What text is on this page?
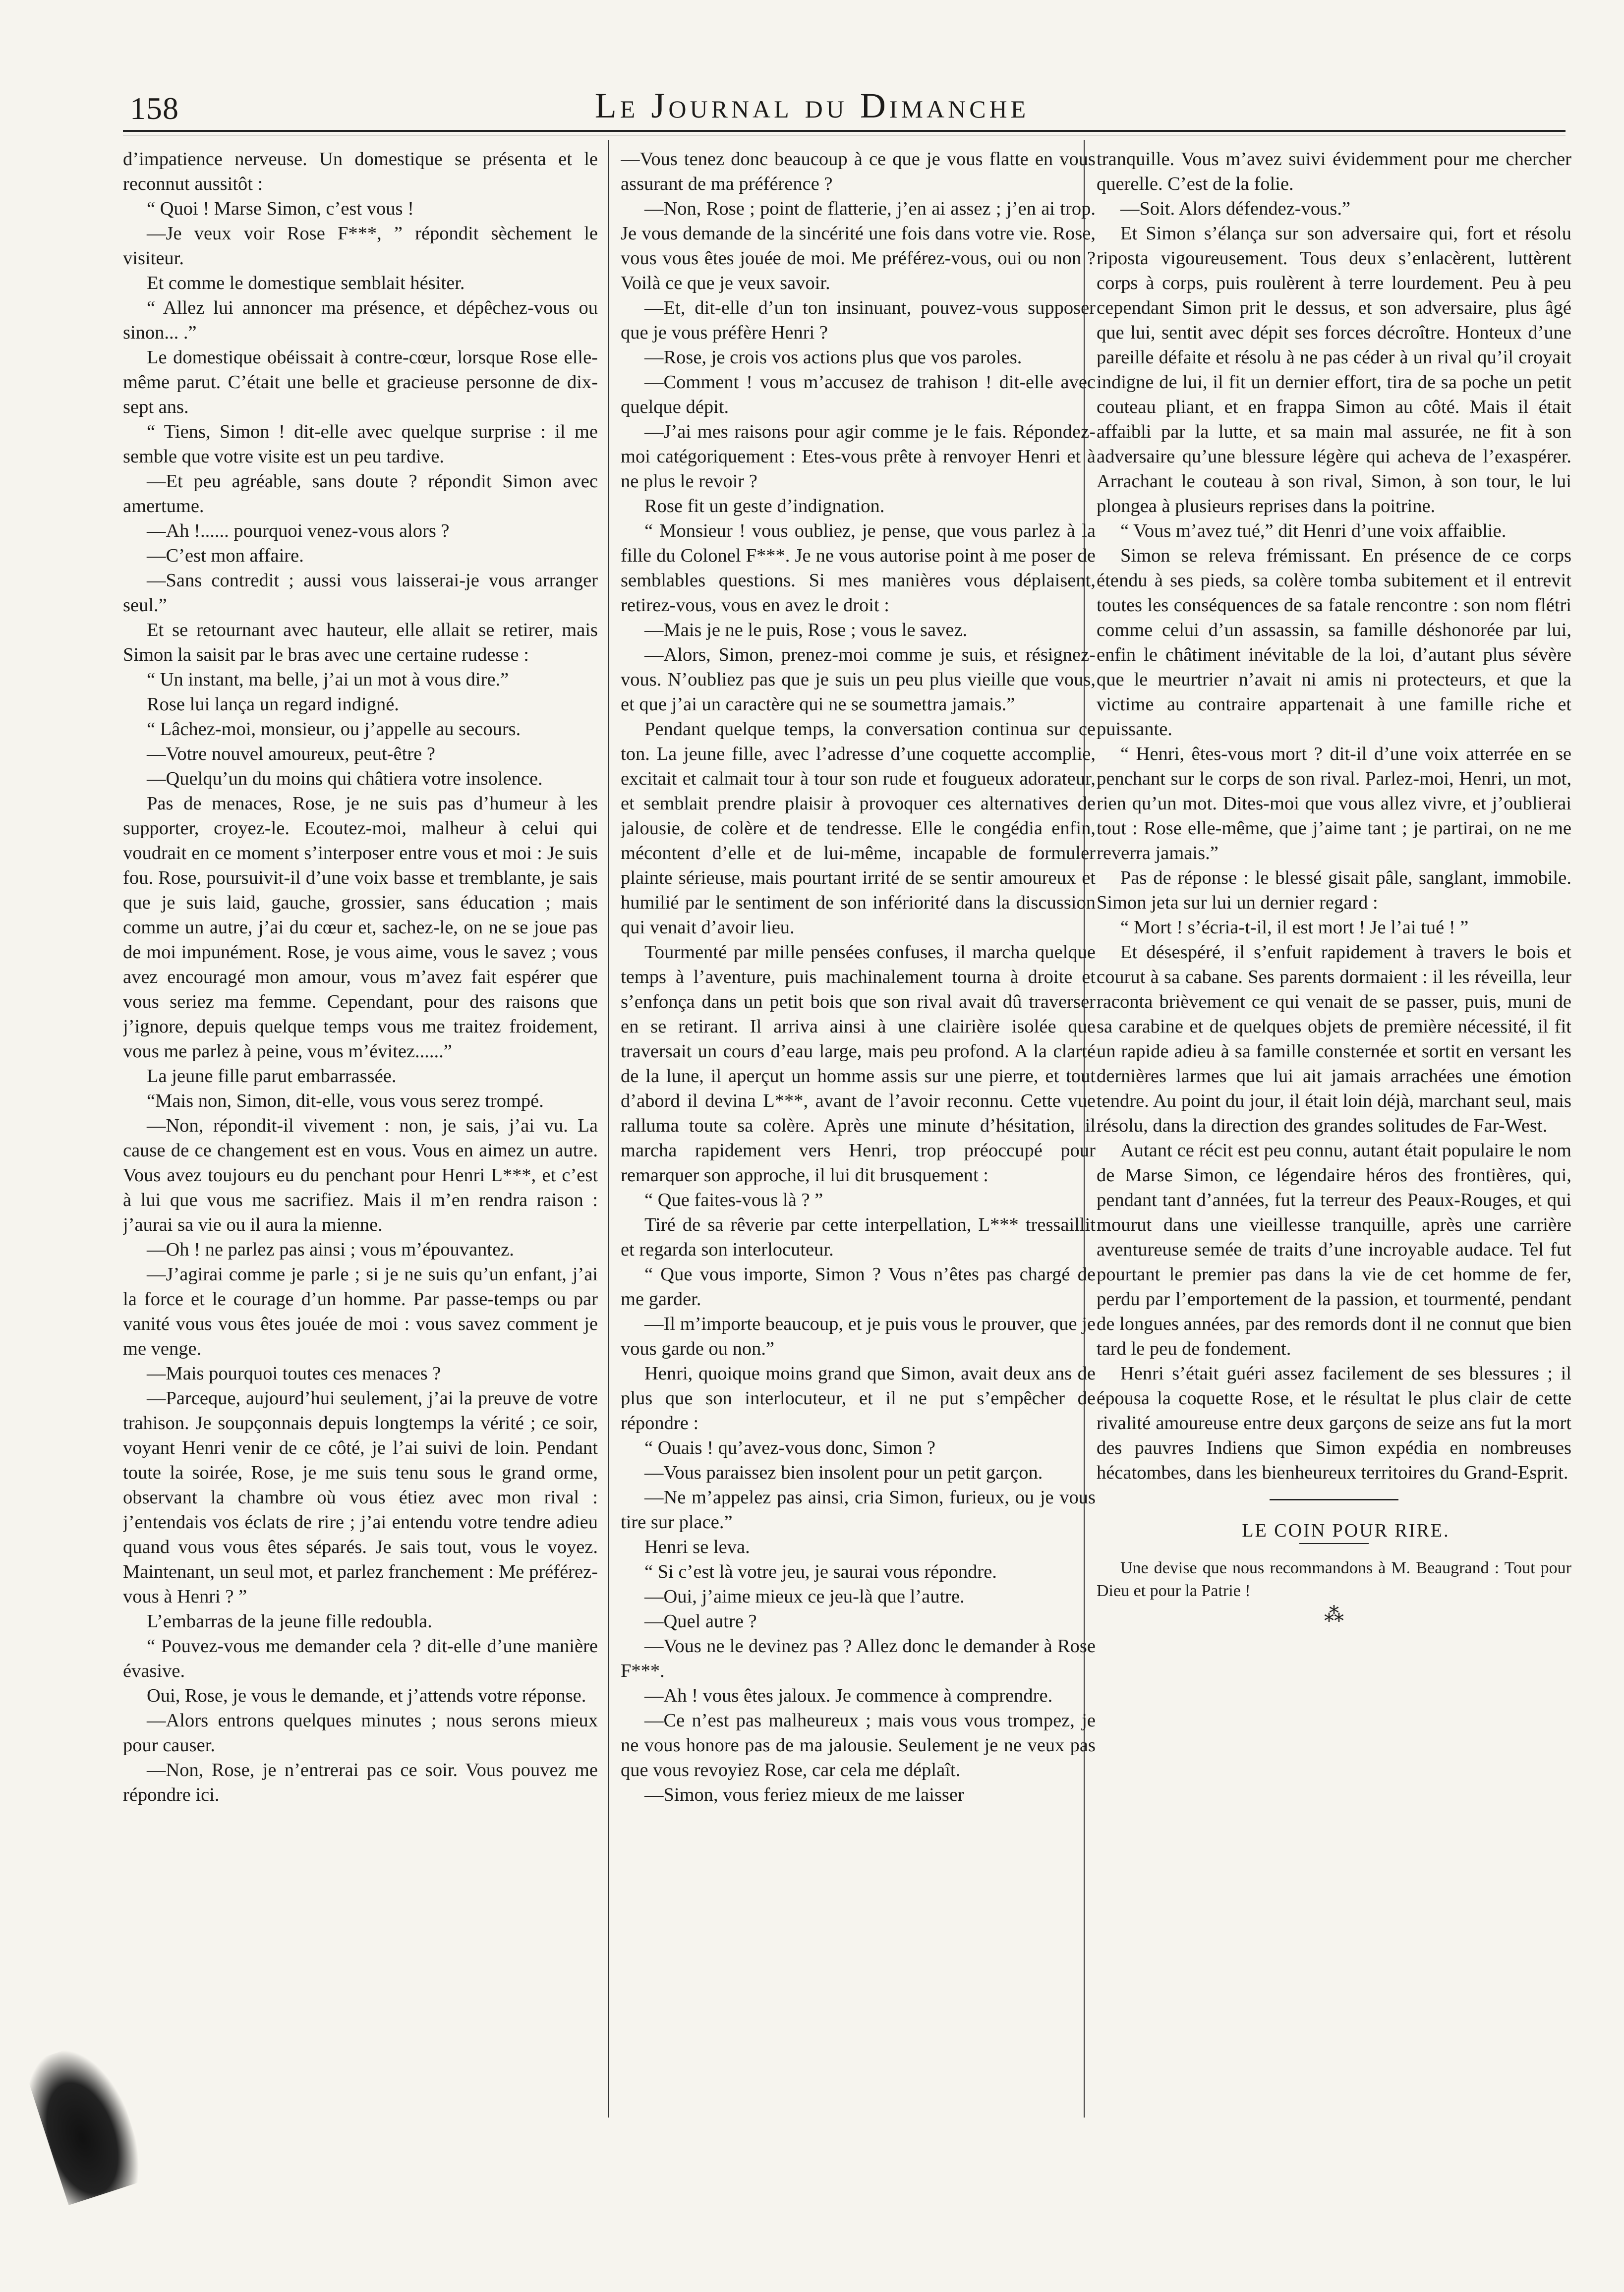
158	Le Journal du Dimanche

d’impatience nerveuse. Un domestique se présenta et le reconnut aussitôt :

“ Quoi ! Marse Simon, c’est vous !

—Je veux voir Rose F***, ” répondit sèchement le visiteur.

Et comme le domestique semblait hésiter.

“ Allez lui annoncer ma présence, et dépêchez-vous ou sinon... .”

Le domestique obéissait à contre-cœur, lorsque Rose elle-même parut. C’était une belle et gracieuse personne de dix-sept ans.

“ Tiens, Simon ! dit-elle avec quelque surprise : il me semble que votre visite est un peu tardive.

—Et peu agréable, sans doute ? répondit Simon avec amertume.

—Ah !...... pourquoi venez-vous alors ?

—C’est mon affaire.

—Sans contredit ; aussi vous laisserai-je vous arranger seul.”

Et se retournant avec hauteur, elle allait se retirer, mais Simon la saisit par le bras avec une certaine rudesse :

“ Un instant, ma belle, j’ai un mot à vous dire.”

Rose lui lança un regard indigné.

“ Lâchez-moi, monsieur, ou j’appelle au secours.

—Votre nouvel amoureux, peut-être ?

—Quelqu’un du moins qui châtiera votre insolence.

Pas de menaces, Rose, je ne suis pas d’humeur à les supporter, croyez-le. Ecoutez-moi, malheur à celui qui voudrait en ce moment s’interposer entre vous et moi : Je suis fou. Rose, poursuivit-il d’une voix basse et tremblante, je sais que je suis laid, gauche, grossier, sans éducation ; mais comme un autre, j’ai du cœur et, sachez-le, on ne se joue pas de moi impunément. Rose, je vous aime, vous le savez ; vous avez encouragé mon amour, vous m’avez fait espérer que vous seriez ma femme. Cependant, pour des raisons que j’ignore, depuis quelque temps vous me traitez froidement, vous me parlez à peine, vous m’évitez......”

La jeune fille parut embarrassée.

“Mais non, Simon, dit-elle, vous vous serez trompé.

—Non, répondit-il vivement : non, je sais, j’ai vu. La cause de ce changement est en vous. Vous en aimez un autre. Vous avez toujours eu du penchant pour Henri L***, et c’est à lui que vous me sacrifiez. Mais il m’en rendra raison : j’aurai sa vie ou il aura la mienne.

—Oh ! ne parlez pas ainsi ; vous m’épouvantez.

—J’agirai comme je parle ; si je ne suis qu’un enfant, j’ai la force et le courage d’un homme. Par passe-temps ou par vanité vous vous êtes jouée de moi : vous savez comment je me venge.

—Mais pourquoi toutes ces menaces ?

—Parceque, aujourd’hui seulement, j’ai la preuve de votre trahison. Je soupçonnais depuis longtemps la vérité ; ce soir, voyant Henri venir de ce côté, je l’ai suivi de loin. Pendant toute la soirée, Rose, je me suis tenu sous le grand orme, observant la chambre où vous étiez avec mon rival : j’entendais vos éclats de rire ; j’ai entendu votre tendre adieu quand vous vous êtes séparés. Je sais tout, vous le voyez. Maintenant, un seul mot, et parlez franchement : Me préférez-vous à Henri ? ”

L’embarras de la jeune fille redoubla.

“ Pouvez-vous me demander cela ? dit-elle d’une manière évasive.

Oui, Rose, je vous le demande, et j’attends votre réponse.

—Alors entrons quelques minutes ; nous serons mieux pour causer.

—Non, Rose, je n’entrerai pas ce soir. Vous pouvez me répondre ici.

—Vous tenez donc beaucoup à ce que je vous flatte en vous assurant de ma préférence ?

—Non, Rose ; point de flatterie, j’en ai assez ; j’en ai trop. Je vous demande de la sincérité une fois dans votre vie. Rose, vous vous êtes jouée de moi. Me préférez-vous, oui ou non ? Voilà ce que je veux savoir.

—Et, dit-elle d’un ton insinuant, pouvez-vous supposer que je vous préfère Henri ?

—Rose, je crois vos actions plus que vos paroles.

—Comment ! vous m’accusez de trahison ! dit-elle avec quelque dépit.

—J’ai mes raisons pour agir comme je le fais. Répondez-moi catégoriquement : Etes-vous prête à renvoyer Henri et à ne plus le revoir ?

Rose fit un geste d’indignation.

“ Monsieur ! vous oubliez, je pense, que vous parlez à la fille du Colonel F***. Je ne vous autorise point à me poser de semblables questions. Si mes manières vous déplaisent, retirez-vous, vous en avez le droit :

—Mais je ne le puis, Rose ; vous le savez.

—Alors, Simon, prenez-moi comme je suis, et résignez-vous. N’oubliez pas que je suis un peu plus vieille que vous, et que j’ai un caractère qui ne se soumettra jamais.”

Pendant quelque temps, la conversation continua sur ce ton. La jeune fille, avec l’adresse d’une coquette accomplie, excitait et calmait tour à tour son rude et fougueux adorateur, et semblait prendre plaisir à provoquer ces alternatives de jalousie, de colère et de tendresse. Elle le congédia enfin, mécontent d’elle et de lui-même, incapable de formuler plainte sérieuse, mais pourtant irrité de se sentir amoureux et humilié par le sentiment de son infériorité dans la discussion qui venait d’avoir lieu.

Tourmenté par mille pensées confuses, il marcha quelque temps à l’aventure, puis machinalement tourna à droite et s’enfonça dans un petit bois que son rival avait dû traverser en se retirant. Il arriva ainsi à une clairière isolée que traversait un cours d’eau large, mais peu profond. A la clarté de la lune, il aperçut un homme assis sur une pierre, et tout d’abord il devina L***, avant de l’avoir reconnu. Cette vue ralluma toute sa colère. Après une minute d’hésitation, il marcha rapidement vers Henri, trop préoccupé pour remarquer son approche, il lui dit brusquement :

“ Que faites-vous là ? ”

Tiré de sa rêverie par cette interpellation, L*** tressaillit et regarda son interlocuteur.

“ Que vous importe, Simon ? Vous n’êtes pas chargé de me garder.

—Il m’importe beaucoup, et je puis vous le prouver, que je vous garde ou non.”

Henri, quoique moins grand que Simon, avait deux ans de plus que son interlocuteur, et il ne put s’empêcher de répondre :

“ Ouais ! qu’avez-vous donc, Simon ?

—Vous paraissez bien insolent pour un petit garçon.

—Ne m’appelez pas ainsi, cria Simon, furieux, ou je vous tire sur place.”

Henri se leva.

“ Si c’est là votre jeu, je saurai vous répondre.

—Oui, j’aime mieux ce jeu-là que l’autre.

—Quel autre ?

—Vous ne le devinez pas ? Allez donc le demander à Rose F***.

—Ah ! vous êtes jaloux. Je commence à comprendre.

—Ce n’est pas malheureux ; mais vous vous trompez, je ne vous honore pas de ma jalousie. Seulement je ne veux pas que vous revoyiez Rose, car cela me déplaît.

—Simon, vous feriez mieux de me laisser

tranquille. Vous m’avez suivi évidemment pour me chercher querelle. C’est de la folie.

—Soit. Alors défendez-vous.”

Et Simon s’élança sur son adversaire qui, fort et résolu riposta vigoureusement. Tous deux s’enlacèrent, luttèrent corps à corps, puis roulèrent à terre lourdement. Peu à peu cependant Simon prit le dessus, et son adversaire, plus âgé que lui, sentit avec dépit ses forces décroître. Honteux d’une pareille défaite et résolu à ne pas céder à un rival qu’il croyait indigne de lui, il fit un dernier effort, tira de sa poche un petit couteau pliant, et en frappa Simon au côté. Mais il était affaibli par la lutte, et sa main mal assurée, ne fit à son adversaire qu’une blessure légère qui acheva de l’exaspérer. Arrachant le couteau à son rival, Simon, à son tour, le lui plongea à plusieurs reprises dans la poitrine.

“ Vous m’avez tué,” dit Henri d’une voix affaiblie.

Simon se releva frémissant. En présence de ce corps étendu à ses pieds, sa colère tomba subitement et il entrevit toutes les conséquences de sa fatale rencontre : son nom flétri comme celui d’un assassin, sa famille déshonorée par lui, enfin le châtiment inévitable de la loi, d’autant plus sévère que le meurtrier n’avait ni amis ni protecteurs, et que la victime au contraire appartenait à une famille riche et puissante.

“ Henri, êtes-vous mort ? dit-il d’une voix atterrée en se penchant sur le corps de son rival. Parlez-moi, Henri, un mot, rien qu’un mot. Dites-moi que vous allez vivre, et j’oublierai tout : Rose elle-même, que j’aime tant ; je partirai, on ne me reverra jamais.”

Pas de réponse : le blessé gisait pâle, sanglant, immobile. Simon jeta sur lui un dernier regard :

“ Mort ! s’écria-t-il, il est mort ! Je l’ai tué ! ”

Et désespéré, il s’enfuit rapidement à travers le bois et courut à sa cabane. Ses parents dormaient : il les réveilla, leur raconta brièvement ce qui venait de se passer, puis, muni de sa carabine et de quelques objets de première nécessité, il fit un rapide adieu à sa famille consternée et sortit en versant les dernières larmes que lui ait jamais arrachées une émotion tendre. Au point du jour, il était loin déjà, marchant seul, mais résolu, dans la direction des grandes solitudes de Far-West.

Autant ce récit est peu connu, autant était populaire le nom de Marse Simon, ce légendaire héros des frontières, qui, pendant tant d’années, fut la terreur des Peaux-Rouges, et qui mourut dans une vieillesse tranquille, après une carrière aventureuse semée de traits d’une incroyable audace. Tel fut pourtant le premier pas dans la vie de cet homme de fer, perdu par l’emportement de la passion, et tourmenté, pendant de longues années, par des remords dont il ne connut que bien tard le peu de fondement.

Henri s’était guéri assez facilement de ses blessures ; il épousa la coquette Rose, et le résultat le plus clair de cette rivalité amoureuse entre deux garçons de seize ans fut la mort des pauvres Indiens que Simon expédia en nombreuses hécatombes, dans les bienheureux territoires du Grand-Esprit.

LE COIN POUR RIRE.

Une devise que nous recommandons à M. Beaugrand : Tout pour Dieu et pour la Patrie !

⁂
